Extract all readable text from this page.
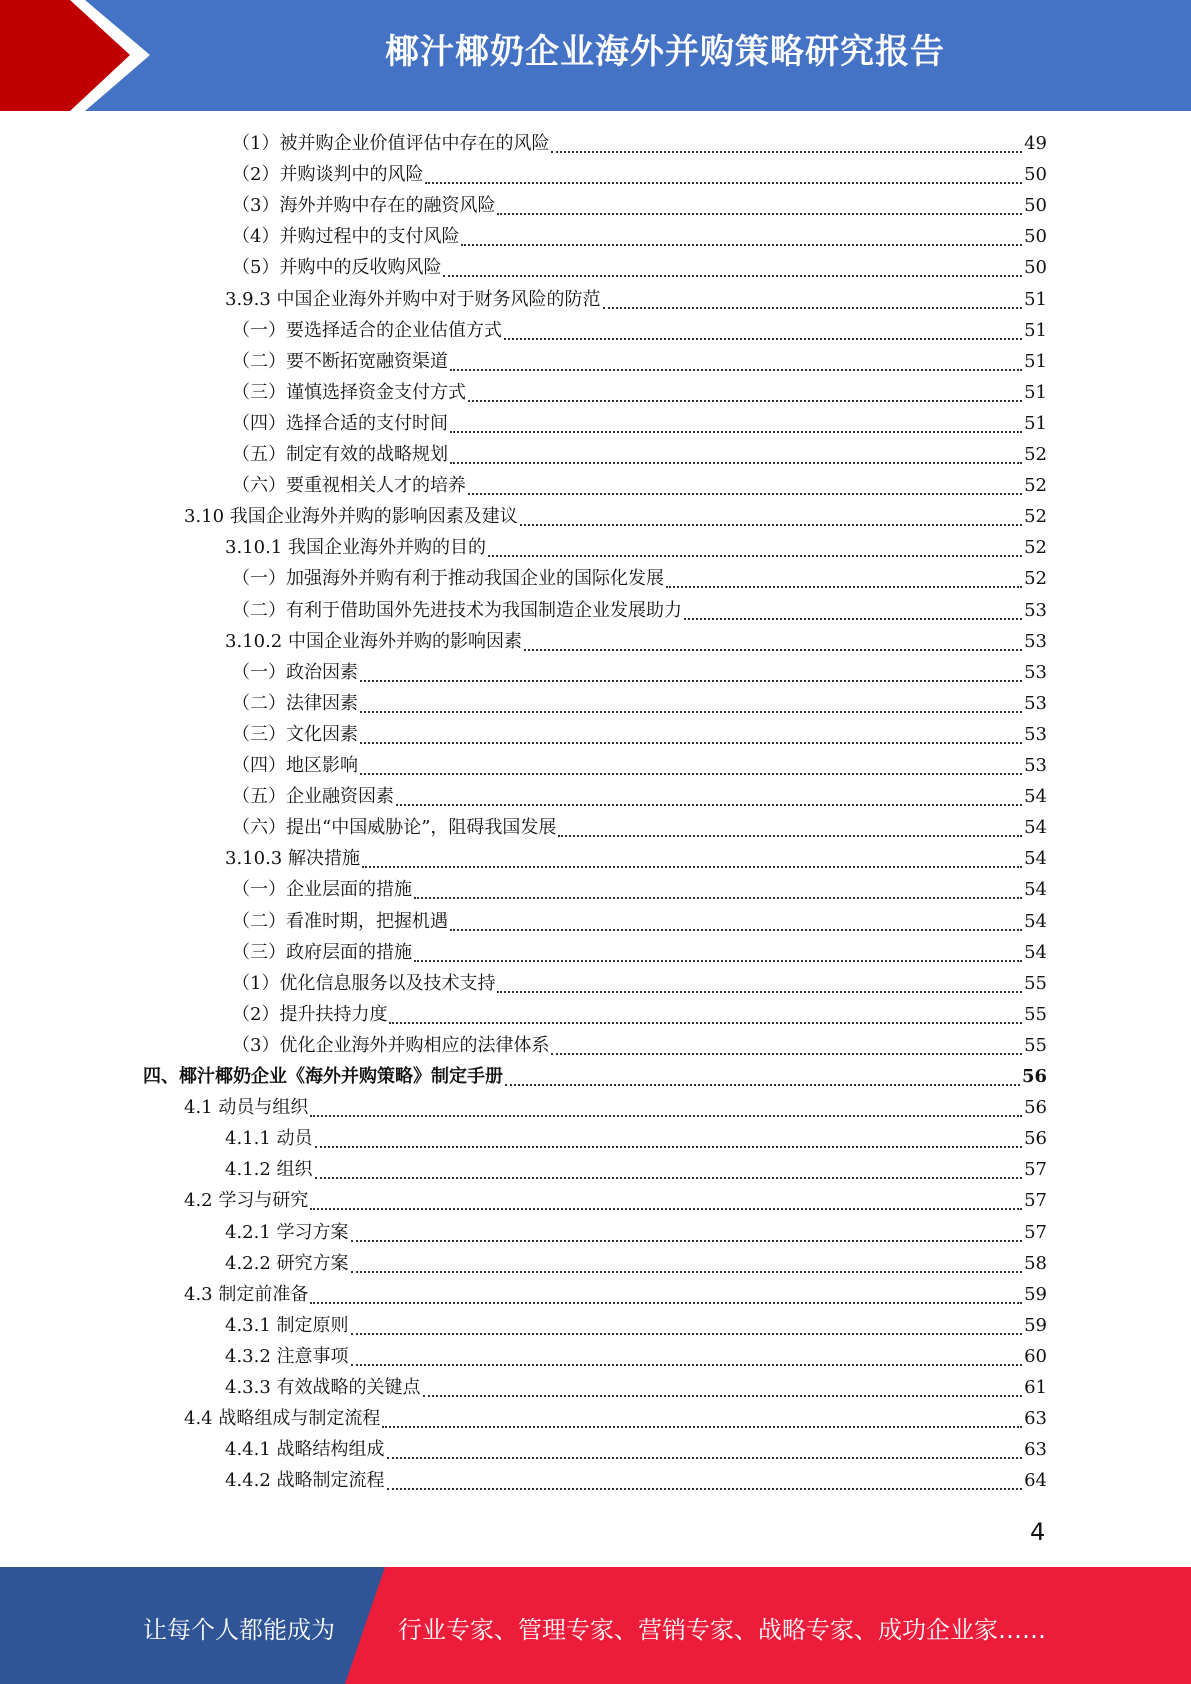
椰汁椰奶企业海外并购策略研究报告
（1）被并购企业价值评估中存在的风险	49
（2）并购谈判中的风险	50
（3）海外并购中存在的融资风险	50
（4）并购过程中的支付风险	50
（5）并购中的反收购风险	50
3.9.3 中国企业海外并购中对于财务风险的防范	51
（一）要选择适合的企业估值方式	51
（二）要不断拓宽融资渠道	51
（三）谨慎选择资金支付方式	51
（四）选择合适的支付时间	51
（五）制定有效的战略规划	52
（六）要重视相关人才的培养	52
3.10 我国企业海外并购的影响因素及建议	52
3.10.1 我国企业海外并购的目的	52
（一）加强海外并购有利于推动我国企业的国际化发展	52
（二）有利于借助国外先进技术为我国制造企业发展助力	53
3.10.2 中国企业海外并购的影响因素	53
（一）政治因素	53
（二）法律因素	53
（三）文化因素	53
（四）地区影响	53
（五）企业融资因素	54
（六）提出“中国威胁论”，阻碍我国发展	54
3.10.3 解决措施	54
（一）企业层面的措施	54
（二）看准时期，把握机遇	54
（三）政府层面的措施	54
（1）优化信息服务以及技术支持	55
（2）提升扶持力度	55
（3）优化企业海外并购相应的法律体系	55
四、椰汁椰奶企业《海外并购策略》制定手册	56
4.1 动员与组织	56
4.1.1 动员	56
4.1.2 组织	57
4.2 学习与研究	57
4.2.1 学习方案	57
4.2.2 研究方案	58
4.3 制定前准备	59
4.3.1 制定原则	59
4.3.2 注意事项	60
4.3.3 有效战略的关键点	61
4.4 战略组成与制定流程	63
4.4.1 战略结构组成	63
4.4.2 战略制定流程	64
4
让每个人都能成为	行业专家、管理专家、营销专家、战略专家、成功企业家……
